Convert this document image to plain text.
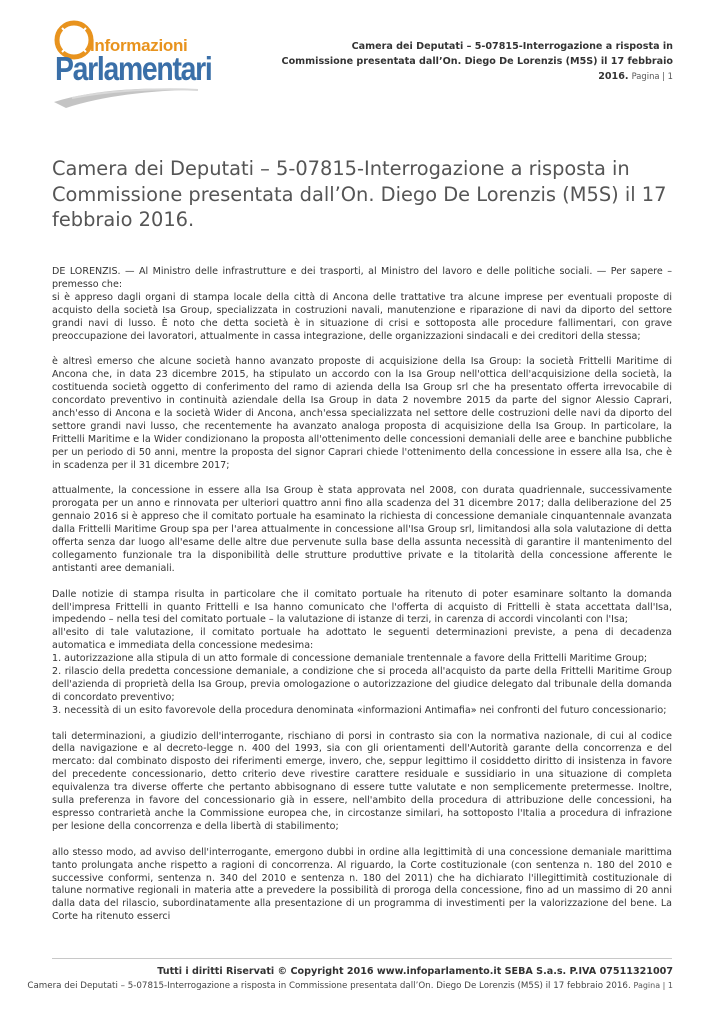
Informazioni
Parlamentari
Camera dei Deputati – 5-07815-Interrogazione a risposta in
Commissione presentata dall’On. Diego De Lorenzis (M5S) il 17 febbraio
2016. Pagina | 1
Camera dei Deputati – 5-07815-Interrogazione a risposta in Commissione presentata dall’On. Diego De Lorenzis (M5S) il 17 febbraio 2016.

DE LORENZIS. — Al Ministro delle infrastrutture e dei trasporti, al Ministro del lavoro e delle politiche sociali. — Per sapere – premesso che:
si è appreso dagli organi di stampa locale della città di Ancona delle trattative tra alcune imprese per eventuali proposte di acquisto della società Isa Group, specializzata in costruzioni navali, manutenzione e riparazione di navi da diporto del settore grandi navi di lusso. È noto che detta società è in situazione di crisi e sottoposta alle procedure fallimentari, con grave preoccupazione dei lavoratori, attualmente in cassa integrazione, delle organizzazioni sindacali e dei creditori della stessa;

è altresì emerso che alcune società hanno avanzato proposte di acquisizione della Isa Group: la società Frittelli Maritime di Ancona che, in data 23 dicembre 2015, ha stipulato un accordo con la Isa Group nell'ottica dell'acquisizione della società, la costituenda società oggetto di conferimento del ramo di azienda della Isa Group srl che ha presentato offerta irrevocabile di concordato preventivo in continuità aziendale della Isa Group in data 2 novembre 2015 da parte del signor Alessio Caprari, anch'esso di Ancona e la società Wider di Ancona, anch'essa specializzata nel settore delle costruzioni delle navi da diporto del settore grandi navi lusso, che recentemente ha avanzato analoga proposta di acquisizione della Isa Group. In particolare, la Frittelli Maritime e la Wider condizionano la proposta all'ottenimento delle concessioni demaniali delle aree e banchine pubbliche per un periodo di 50 anni, mentre la proposta del signor Caprari chiede l'ottenimento della concessione in essere alla Isa, che è in scadenza per il 31 dicembre 2017;

attualmente, la concessione in essere alla Isa Group è stata approvata nel 2008, con durata quadriennale, successivamente prorogata per un anno e rinnovata per ulteriori quattro anni fino alla scadenza del 31 dicembre 2017; dalla deliberazione del 25 gennaio 2016 si è appreso che il comitato portuale ha esaminato la richiesta di concessione demaniale cinquantennale avanzata dalla Frittelli Maritime Group spa per l'area attualmente in concessione all'Isa Group srl, limitandosi alla sola valutazione di detta offerta senza dar luogo all'esame delle altre due pervenute sulla base della assunta necessità di garantire il mantenimento del collegamento funzionale tra la disponibilità delle strutture produttive private e la titolarità della concessione afferente le antistanti aree demaniali.

Dalle notizie di stampa risulta in particolare che il comitato portuale ha ritenuto di poter esaminare soltanto la domanda dell'impresa Frittelli in quanto Frittelli e Isa hanno comunicato che l'offerta di acquisto di Frittelli è stata accettata dall'Isa, impedendo – nella tesi del comitato portuale – la valutazione di istanze di terzi, in carenza di accordi vincolanti con l'Isa;
all'esito di tale valutazione, il comitato portuale ha adottato le seguenti determinazioni previste, a pena di decadenza automatica e immediata della concessione medesima:
1. autorizzazione alla stipula di un atto formale di concessione demaniale trentennale a favore della Frittelli Maritime Group;
2. rilascio della predetta concessione demaniale, a condizione che si proceda all'acquisto da parte della Frittelli Maritime Group dell'azienda di proprietà della Isa Group, previa omologazione o autorizzazione del giudice delegato dal tribunale della domanda di concordato preventivo;
3. necessità di un esito favorevole della procedura denominata «informazioni Antimafia» nei confronti del futuro concessionario;

tali determinazioni, a giudizio dell'interrogante, rischiano di porsi in contrasto sia con la normativa nazionale, di cui al codice della navigazione e al decreto-legge n. 400 del 1993, sia con gli orientamenti dell'Autorità garante della concorrenza e del mercato: dal combinato disposto dei riferimenti emerge, invero, che, seppur legittimo il cosiddetto diritto di insistenza in favore del precedente concessionario, detto criterio deve rivestire carattere residuale e sussidiario in una situazione di completa equivalenza tra diverse offerte che pertanto abbisognano di essere tutte valutate e non semplicemente pretermesse. Inoltre, sulla preferenza in favore del concessionario già in essere, nell'ambito della procedura di attribuzione delle concessioni, ha espresso contrarietà anche la Commissione europea che, in circostanze similari, ha sottoposto l'Italia a procedura di infrazione per lesione della concorrenza e della libertà di stabilimento;

allo stesso modo, ad avviso dell'interrogante, emergono dubbi in ordine alla legittimità di una concessione demaniale marittima tanto prolungata anche rispetto a ragioni di concorrenza. Al riguardo, la Corte costituzionale (con sentenza n. 180 del 2010 e successive conformi, sentenza n. 340 del 2010 e sentenza n. 180 del 2011) che ha dichiarato l'illegittimità costituzionale di talune normative regionali in materia atte a prevedere la possibilità di proroga della concessione, fino ad un massimo di 20 anni dalla data del rilascio, subordinatamente alla presentazione di un programma di investimenti per la valorizzazione del bene. La Corte ha ritenuto esserci

Tutti i diritti Riservati © Copyright 2016 www.infoparlamento.it SEBA S.a.s. P.IVA 07511321007
Camera dei Deputati – 5-07815-Interrogazione a risposta in Commissione presentata dall’On. Diego De Lorenzis (M5S) il 17 febbraio 2016. Pagina | 1
